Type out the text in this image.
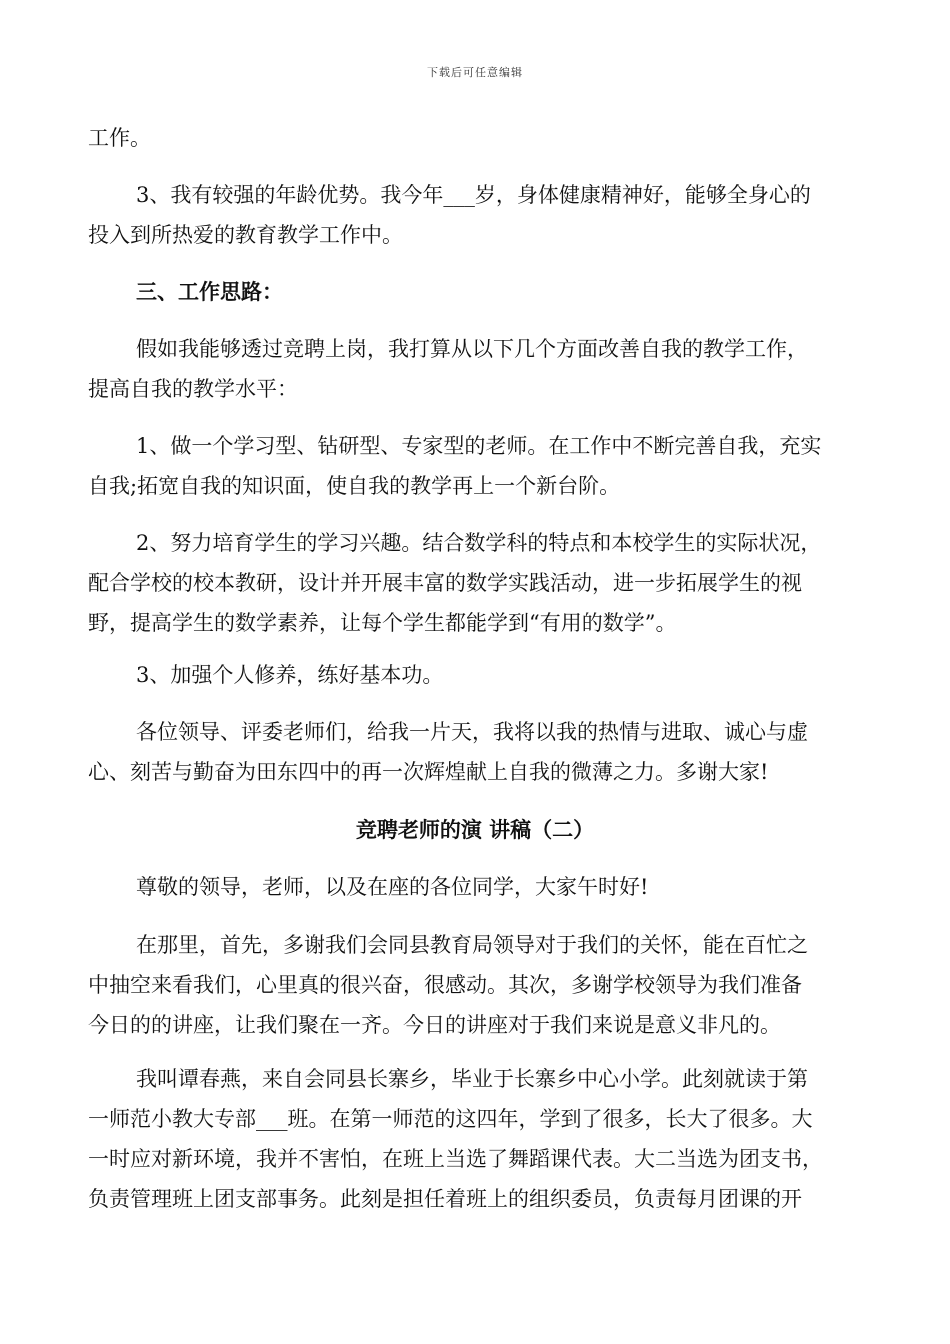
下载后可任意编辑
工作。
3、我有较强的年龄优势。我今年___岁，身体健康精神好，能够全身心的
投入到所热爱的教育教学工作中。
三、工作思路：
假如我能够透过竞聘上岗，我打算从以下几个方面改善自我的教学工作，
提高自我的教学水平：
1、做一个学习型、钻研型、专家型的老师。在工作中不断完善自我，充实
自我;拓宽自我的知识面，使自我的教学再上一个新台阶。
2、努力培育学生的学习兴趣。结合数学科的特点和本校学生的实际状况，
配合学校的校本教研，设计并开展丰富的数学实践活动，进一步拓展学生的视
野，提高学生的数学素养，让每个学生都能学到“有用的数学”。
3、加强个人修养，练好基本功。
各位领导、评委老师们，给我一片天，我将以我的热情与进取、诚心与虚
心、刻苦与勤奋为田东四中的再一次辉煌献上自我的微薄之力。多谢大家!
竞聘老师的演 讲稿（二）
尊敬的领导，老师，以及在座的各位同学，大家午时好!
在那里，首先，多谢我们会同县教育局领导对于我们的关怀，能在百忙之
中抽空来看我们，心里真的很兴奋，很感动。其次，多谢学校领导为我们准备
今日的的讲座，让我们聚在一齐。今日的讲座对于我们来说是意义非凡的。
我叫谭春燕，来自会同县长寨乡，毕业于长寨乡中心小学。此刻就读于第
一师范小教大专部___班。在第一师范的这四年，学到了很多，长大了很多。大
一时应对新环境，我并不害怕，在班上当选了舞蹈课代表。大二当选为团支书，
负责管理班上团支部事务。此刻是担任着班上的组织委员，负责每月团课的开
